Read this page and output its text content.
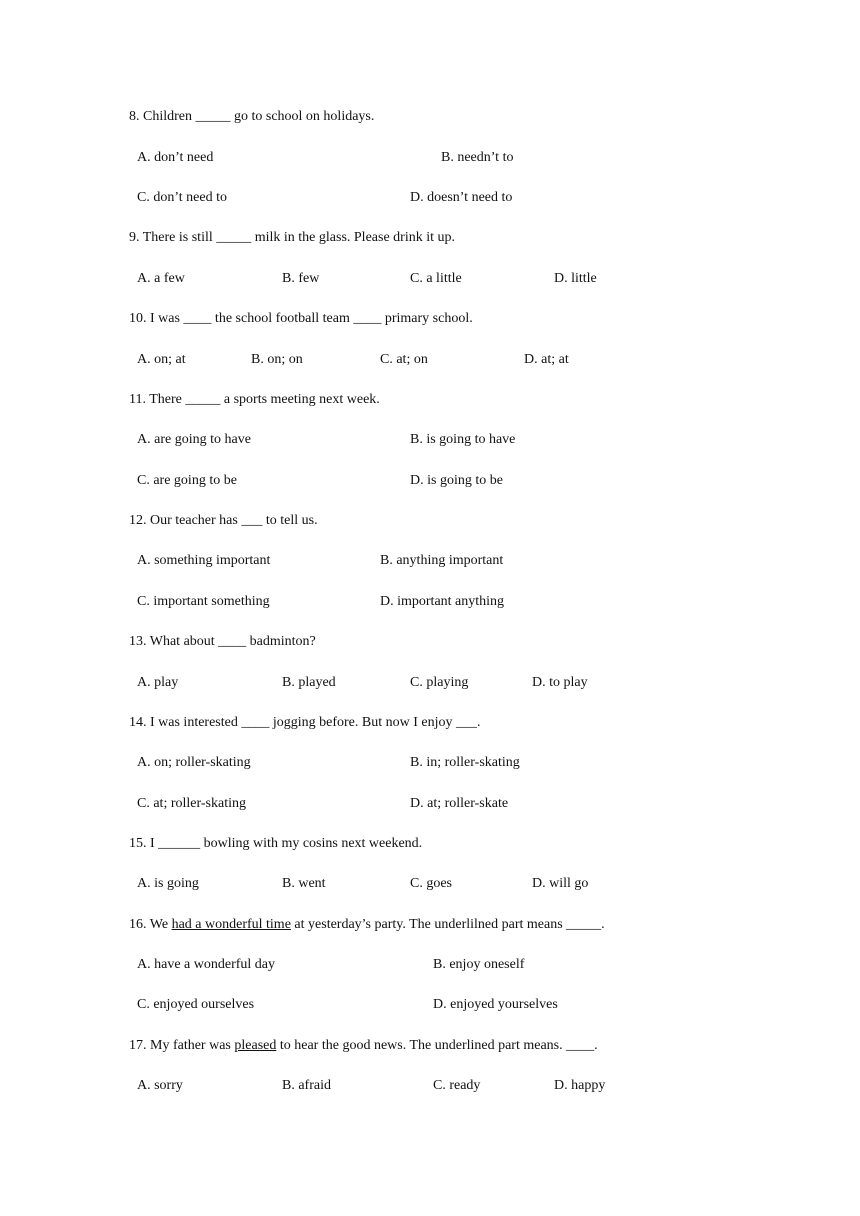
8. Children _____ go to school on holidays.
A. don’t need	B. needn’t to
C. don’t need to	D. doesn’t need to
9. There is still _____ milk in the glass. Please drink it up.
A. a few	B. few	C. a little	D. little
10. I was ____ the school football team ____ primary school.
A. on; at	B. on; on	C. at; on	D. at; at
11. There _____ a sports meeting next week.
A. are going to have	B. is going to have
C. are going to be	D. is going to be
12. Our teacher has ___ to tell us.
A. something important	B. anything important
C. important something	D. important anything
13. What about ____ badminton?
A. play	B. played	C. playing	D. to play
14. I was interested ____ jogging before. But now I enjoy ___.
A. on; roller-skating	B. in; roller-skating
C. at; roller-skating	D. at; roller-skate
15. I ______ bowling with my cosins next weekend.
A. is going	B. went	C. goes	D. will go
16. We had a wonderful time at yesterday’s party. The underlilned part means _____.
A. have a wonderful day	B. enjoy oneself
C. enjoyed ourselves	D. enjoyed yourselves
17. My father was pleased to hear the good news. The underlined part means. ____.
A. sorry	B. afraid	C. ready	D. happy
